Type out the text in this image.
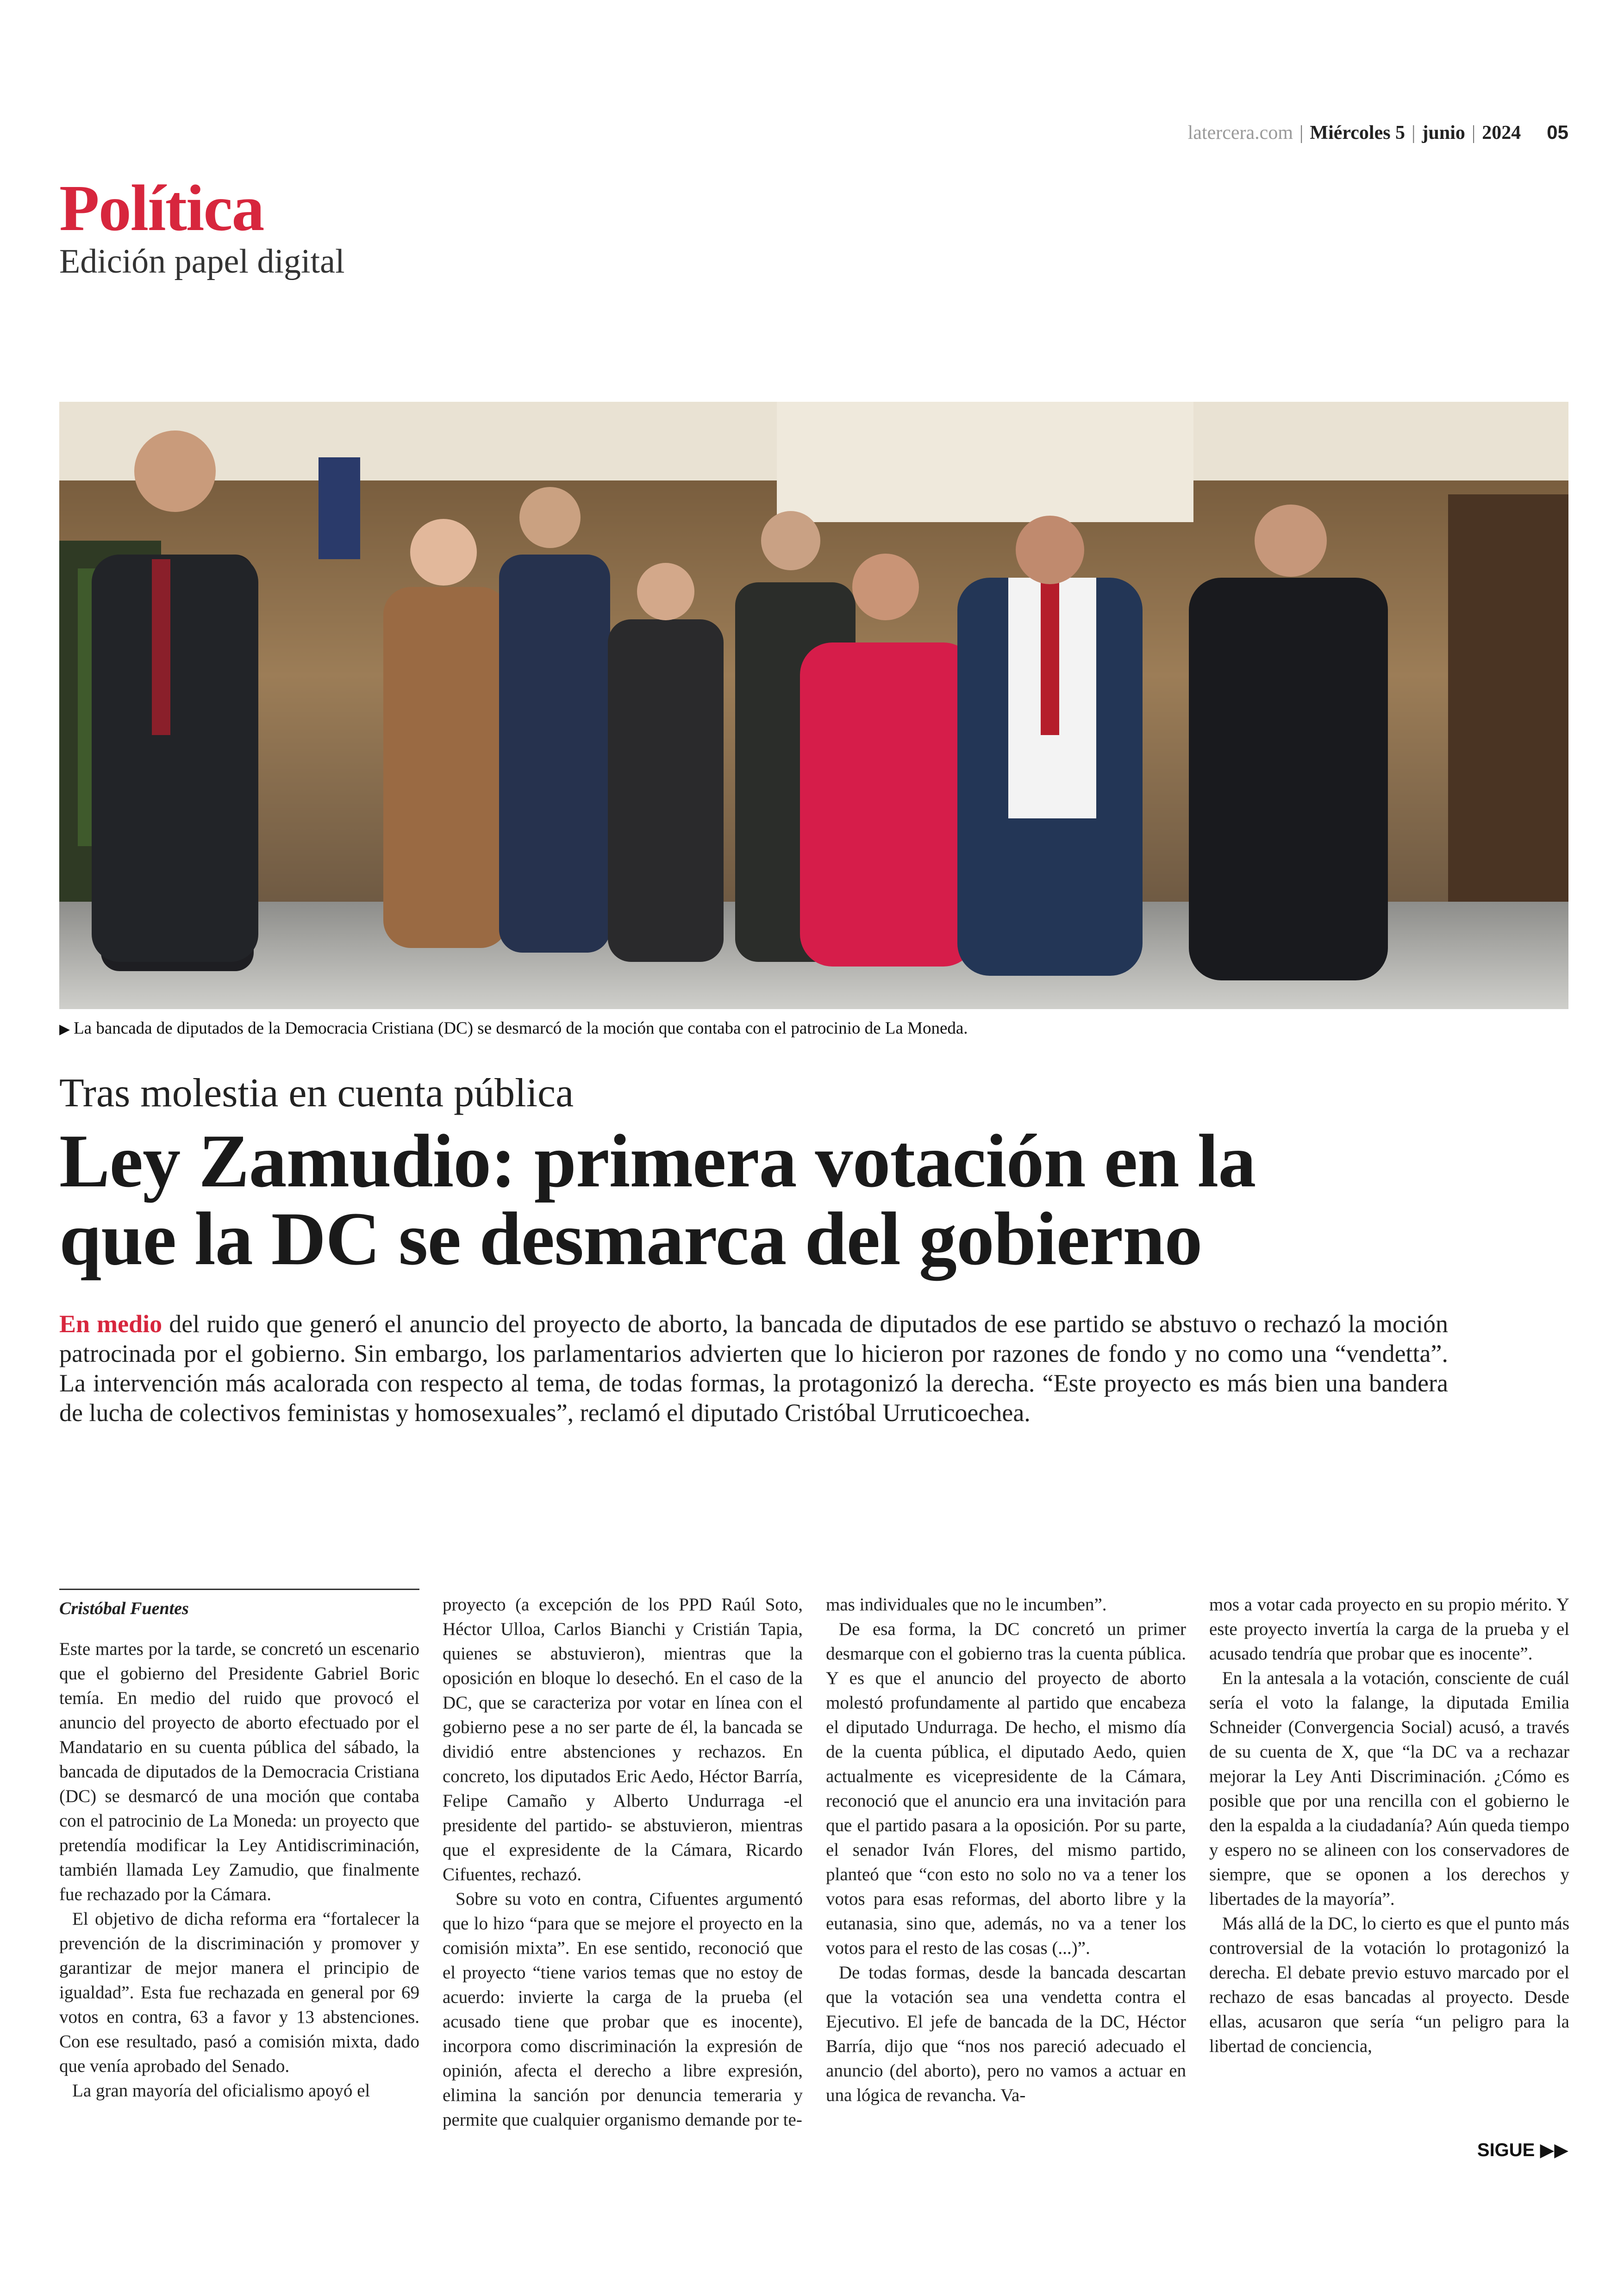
latercera.com | Miércoles 5 | junio | 2024 05
Política
Edición papel digital
▶ La bancada de diputados de la Democracia Cristiana (DC) se desmarcó de la moción que contaba con el patrocinio de La Moneda.
Tras molestia en cuenta pública
Ley Zamudio: primera votación en la
que la DC se desmarca del gobierno

En medio del ruido que generó el anuncio del proyecto de aborto, la bancada de diputados de ese partido se abstuvo o rechazó la moción patrocinada por el gobierno. Sin embargo, los parlamentarios advierten que lo hicieron por razones de fondo y no como una “vendetta”. La intervención más acalorada con respecto al tema, de todas formas, la protagonizó la derecha. “Este proyecto es más bien una bandera de lucha de colectivos feministas y homosexuales”, reclamó el diputado Cristóbal Urruticoechea.

Cristóbal Fuentes

Este martes por la tarde, se concretó un escenario que el gobierno del Presidente Gabriel Boric temía. En medio del ruido que provocó el anuncio del proyecto de aborto efectuado por el Mandatario en su cuenta pública del sábado, la bancada de diputados de la Democracia Cristiana (DC) se desmarcó de una moción que contaba con el patrocinio de La Moneda: un proyecto que pretendía modificar la Ley Antidiscriminación, también llamada Ley Zamudio, que finalmente fue rechazado por la Cámara.

El objetivo de dicha reforma era “fortalecer la prevención de la discriminación y promover y garantizar de mejor manera el principio de igualdad”. Esta fue rechazada en general por 69 votos en contra, 63 a favor y 13 abstenciones. Con ese resultado, pasó a comisión mixta, dado que venía aprobado del Senado.

La gran mayoría del oficialismo apoyó el

proyecto (a excepción de los PPD Raúl Soto, Héctor Ulloa, Carlos Bianchi y Cristián Tapia, quienes se abstuvieron), mientras que la oposición en bloque lo desechó. En el caso de la DC, que se caracteriza por votar en línea con el gobierno pese a no ser parte de él, la bancada se dividió entre abstenciones y rechazos. En concreto, los diputados Eric Aedo, Héctor Barría, Felipe Camaño y Alberto Undurraga -el presidente del partido- se abstuvieron, mientras que el expresidente de la Cámara, Ricardo Cifuentes, rechazó.

Sobre su voto en contra, Cifuentes argumentó que lo hizo “para que se mejore el proyecto en la comisión mixta”. En ese sentido, reconoció que el proyecto “tiene varios temas que no estoy de acuerdo: invierte la carga de la prueba (el acusado tiene que probar que es inocente), incorpora como discriminación la expresión de opinión, afecta el derecho a libre expresión, elimina la sanción por denuncia temeraria y permite que cualquier organismo demande por te-

mas individuales que no le incumben”.

De esa forma, la DC concretó un primer desmarque con el gobierno tras la cuenta pública. Y es que el anuncio del proyecto de aborto molestó profundamente al partido que encabeza el diputado Undurraga. De hecho, el mismo día de la cuenta pública, el diputado Aedo, quien actualmente es vicepresidente de la Cámara, reconoció que el anuncio era una invitación para que el partido pasara a la oposición. Por su parte, el senador Iván Flores, del mismo partido, planteó que “con esto no solo no va a tener los votos para esas reformas, del aborto libre y la eutanasia, sino que, además, no va a tener los votos para el resto de las cosas (...)”.

De todas formas, desde la bancada descartan que la votación sea una vendetta contra el Ejecutivo. El jefe de bancada de la DC, Héctor Barría, dijo que “nos nos pareció adecuado el anuncio (del aborto), pero no vamos a actuar en una lógica de revancha. Va-

mos a votar cada proyecto en su propio mérito. Y este proyecto invertía la carga de la prueba y el acusado tendría que probar que es inocente”.

En la antesala a la votación, consciente de cuál sería el voto la falange, la diputada Emilia Schneider (Convergencia Social) acusó, a través de su cuenta de X, que “la DC va a rechazar mejorar la Ley Anti Discriminación. ¿Cómo es posible que por una rencilla con el gobierno le den la espalda a la ciudadanía? Aún queda tiempo y espero no se alineen con los conservadores de siempre, que se oponen a los derechos y libertades de la mayoría”.

Más allá de la DC, lo cierto es que el punto más controversial de la votación lo protagonizó la derecha. El debate previo estuvo marcado por el rechazo de esas bancadas al proyecto. Desde ellas, acusaron que sería “un peligro para la libertad de conciencia,

SIGUE ▶▶
